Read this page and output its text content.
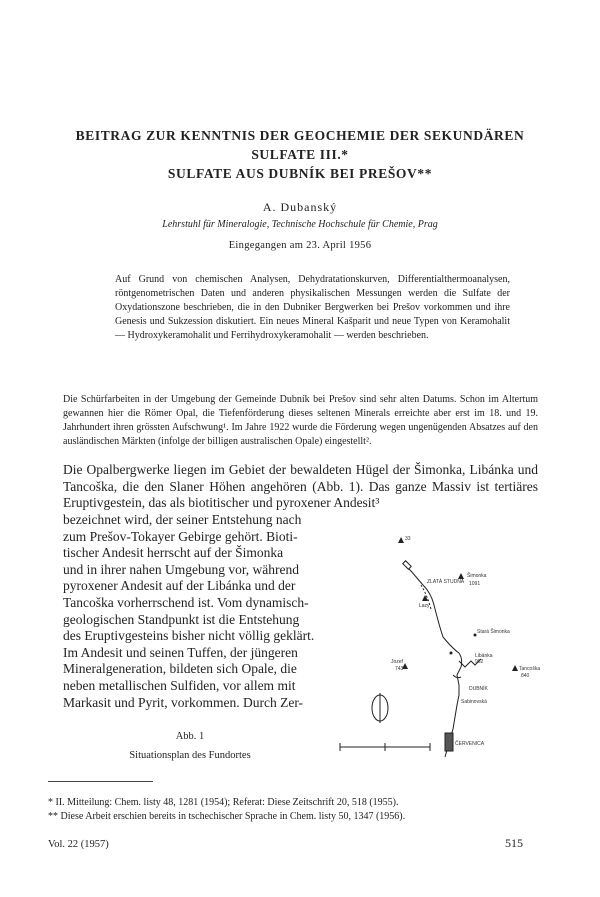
BEITRAG ZUR KENNTNIS DER GEOCHEMIE DER SEKUNDÄREN
SULFATE III.*
SULFATE AUS DUBNÍK BEI PREŠOV**
A. Dubanský
Lehrstuhl für Mineralogie, Technische Hochschule für Chemie, Prag
Eingegangen am 23. April 1956

Auf Grund von chemischen Analysen, Dehydratationskurven, Differentialthermoanalysen, röntgenometrischen Daten und anderen physikalischen Messungen werden die Sulfate der Oxydationszone beschrieben, die in den Dubniker Bergwerken bei Prešov vorkommen und ihre Genesis und Sukzession diskutiert. Ein neues Mineral Kašparit und neue Typen von Keramohalit — Hydroxykeramohalit und Ferrihydroxykeramohalit — werden beschrieben.

Die Schürfarbeiten in der Umgebung der Gemeinde Dubník bei Prešov sind sehr alten Datums. Schon im Altertum gewannen hier die Römer Opal, die Tiefenförderung dieses seltenen Minerals erreichte aber erst im 18. und 19. Jahrhundert ihren grössten Aufschwung¹. Im Jahre 1922 wurde die Förderung wegen ungenügenden Absatzes auf den ausländischen Märkten (infolge der billigen australischen Opale) eingestellt².

Die Opalbergwerke liegen im Gebiet der bewaldeten Hügel der Šimonka, Libánka und Tancoška, die den Slaner Höhen angehören (Abb. 1). Das ganze Massiv ist tertiäres Eruptivgestein, das als biotitischer und pyroxener Andesit³

bezeichnet wird, der seiner Entstehung nach
zum Prešov-Tokayer Gebirge gehört. Bioti-
tischer Andesit herrscht auf der Šimonka
und in ihrer nahen Umgebung vor, während
pyroxener Andesit auf der Libánka und der
Tancoška vorherrschend ist. Vom dynamisch-
geologischen Standpunkt ist die Entstehung
des Eruptivgesteins bisher nicht völlig geklärt.
Im Andesit und seinen Tuffen, der jüngeren
Mineralgeneration, bildeten sich Opale, die
neben metallischen Sulfiden, vor allem mit
Markasit und Pyrit, vorkommen. Durch Zer-
Abb. 1
Situationsplan des Fundortes
33
ZLATÁ STUDŇA
Šimonka
1091
Lazy
Stará Šimonka
Libánka
962
Tancoška
840
Jozef
743
DUBNÍK
Sabinovská
ČERVENICA
* II. Mitteilung: Chem. listy 48, 1281 (1954); Referat: Diese Zeitschrift 20, 518 (1955).
** Diese Arbeit erschien bereits in tschechischer Sprache in Chem. listy 50, 1347 (1956).
Vol. 22 (1957)	515
